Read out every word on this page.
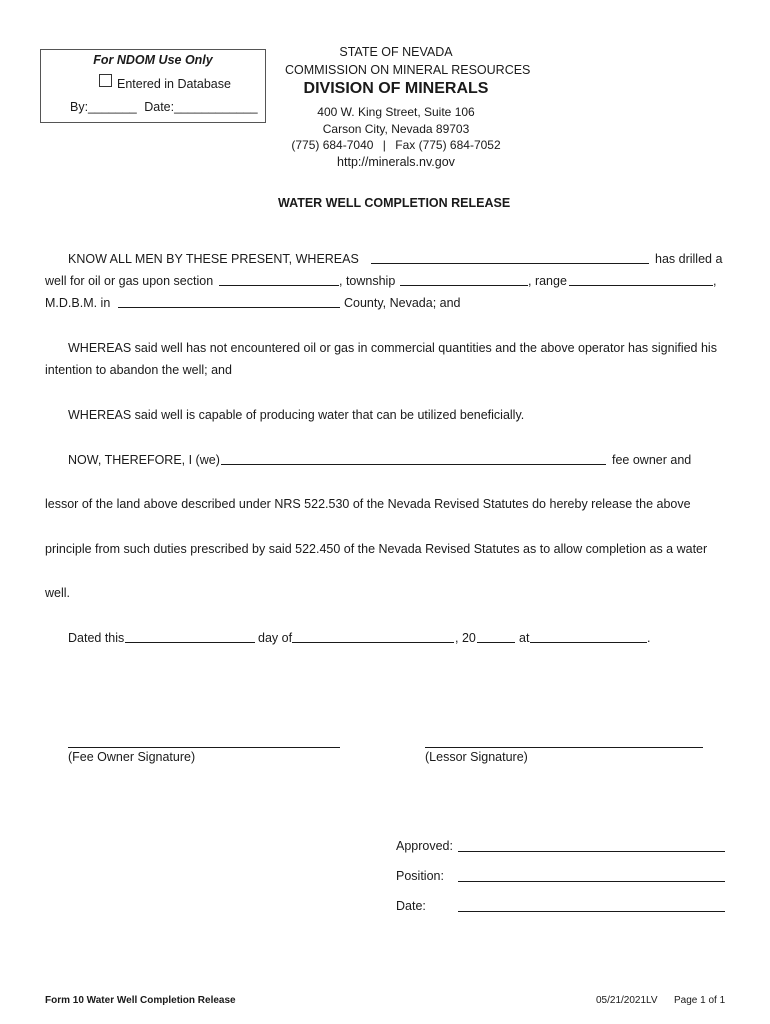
For NDOM Use Only
Entered in Database
By:_______ Date:____________
STATE OF NEVADA
COMMISSION ON MINERAL RESOURCES
DIVISION OF MINERALS
400 W. King Street, Suite 106
Carson City, Nevada 89703
(775) 684-7040 | Fax (775) 684-7052
http://minerals.nv.gov
WATER WELL COMPLETION RELEASE
KNOW ALL MEN BY THESE PRESENT, WHEREAS	has drilled a
well for oil or gas upon section	, township	, range	,
M.D.B.M. in	County, Nevada; and
WHEREAS said well has not encountered oil or gas in commercial quantities and the above operator has signified his
intention to abandon the well; and
WHEREAS said well is capable of producing water that can be utilized beneficially.
NOW, THEREFORE, I (we)	fee owner and
lessor of the land above described under NRS 522.530 of the Nevada Revised Statutes do hereby release the above
principle from such duties prescribed by said 522.450 of the Nevada Revised Statutes as to allow completion as a water
well.
Dated this	day of	, 20	at	.
(Fee Owner Signature)	(Lessor Signature)
Approved:
Position:
Date:
Form 10 Water Well Completion Release	05/21/2021LV Page 1 of 1
